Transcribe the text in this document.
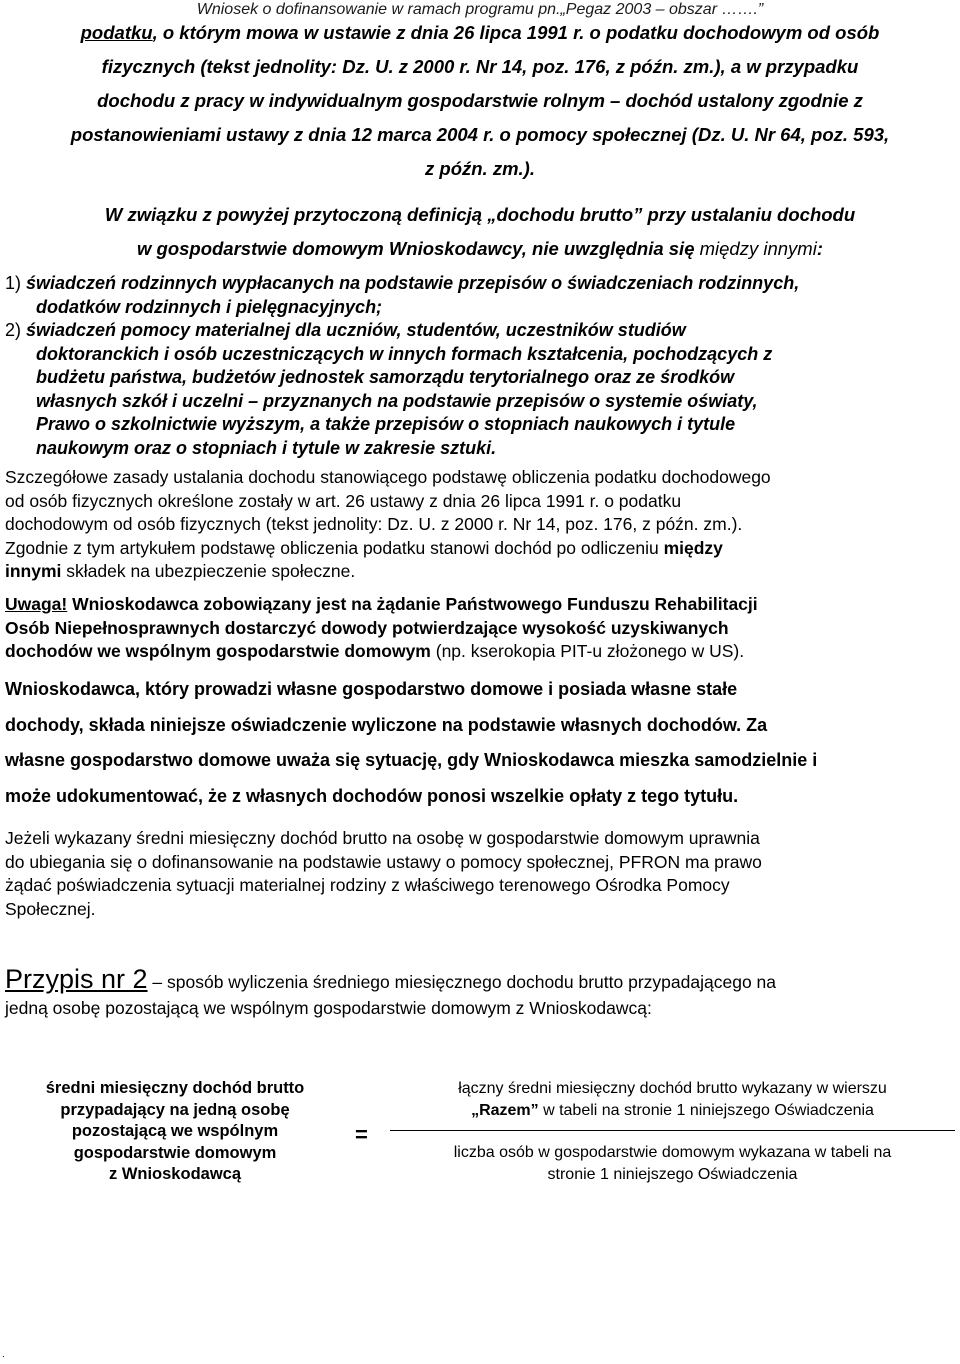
Wniosek o dofinansowanie w ramach programu pn.„Pegaz 2003 – obszar …….”
podatku, o którym mowa w ustawie z dnia 26 lipca 1991 r. o podatku dochodowym od osób
fizycznych (tekst jednolity: Dz. U. z 2000 r. Nr 14, poz. 176, z późn. zm.), a w przypadku
dochodu z pracy w indywidualnym gospodarstwie rolnym – dochód ustalony zgodnie z
postanowieniami ustawy z dnia 12 marca 2004 r. o pomocy społecznej (Dz. U. Nr 64, poz. 593,
z późn. zm.).
W związku z powyżej przytoczoną definicją „dochodu brutto” przy ustalaniu dochodu
w gospodarstwie domowym Wnioskodawcy, nie uwzględnia się między innymi:
1) świadczeń rodzinnych wypłacanych na podstawie przepisów o świadczeniach rodzinnych,
dodatków rodzinnych i pielęgnacyjnych;
2) świadczeń pomocy materialnej dla uczniów, studentów, uczestników studiów
doktoranckich i osób uczestniczących w innych formach kształcenia, pochodzących z
budżetu państwa, budżetów jednostek samorządu terytorialnego oraz ze środków
własnych szkół i uczelni – przyznanych na podstawie przepisów o systemie oświaty,
Prawo o szkolnictwie wyższym, a także przepisów o stopniach naukowych i tytule
naukowym oraz o stopniach i tytule w zakresie sztuki.
Szczegółowe zasady ustalania dochodu stanowiącego podstawę obliczenia podatku dochodowego
od osób fizycznych określone zostały w art. 26 ustawy z dnia 26 lipca 1991 r. o podatku
dochodowym od osób fizycznych (tekst jednolity: Dz. U. z 2000 r. Nr 14, poz. 176, z późn. zm.).
Zgodnie z tym artykułem podstawę obliczenia podatku stanowi dochód po odliczeniu między
innymi składek na ubezpieczenie społeczne.
Uwaga! Wnioskodawca zobowiązany jest na żądanie Państwowego Funduszu Rehabilitacji
Osób Niepełnosprawnych dostarczyć dowody potwierdzające wysokość uzyskiwanych
dochodów we wspólnym gospodarstwie domowym (np. kserokopia PIT-u złożonego w US).
Wnioskodawca, który prowadzi własne gospodarstwo domowe i posiada własne stałe
dochody, składa niniejsze oświadczenie wyliczone na podstawie własnych dochodów. Za
własne gospodarstwo domowe uważa się sytuację, gdy Wnioskodawca mieszka samodzielnie i
może udokumentować, że z własnych dochodów ponosi wszelkie opłaty z tego tytułu.
Jeżeli wykazany średni miesięczny dochód brutto na osobę w gospodarstwie domowym uprawnia
do ubiegania się o dofinansowanie na podstawie ustawy o pomocy społecznej, PFRON ma prawo
żądać poświadczenia sytuacji materialnej rodziny z właściwego terenowego Ośrodka Pomocy
Społecznej.
Przypis nr 2 – sposób wyliczenia średniego miesięcznego dochodu brutto przypadającego na
jedną osobę pozostającą we wspólnym gospodarstwie domowym z Wnioskodawcą:
średni miesięczny dochód brutto
przypadający na jedną osobę
pozostającą we wspólnym
gospodarstwie domowym
z Wnioskodawcą
=
łączny średni miesięczny dochód brutto wykazany w wierszu
„Razem” w tabeli na stronie 1 niniejszego Oświadczenia
liczba osób w gospodarstwie domowym wykazana w tabeli na
stronie 1 niniejszego Oświadczenia
.
